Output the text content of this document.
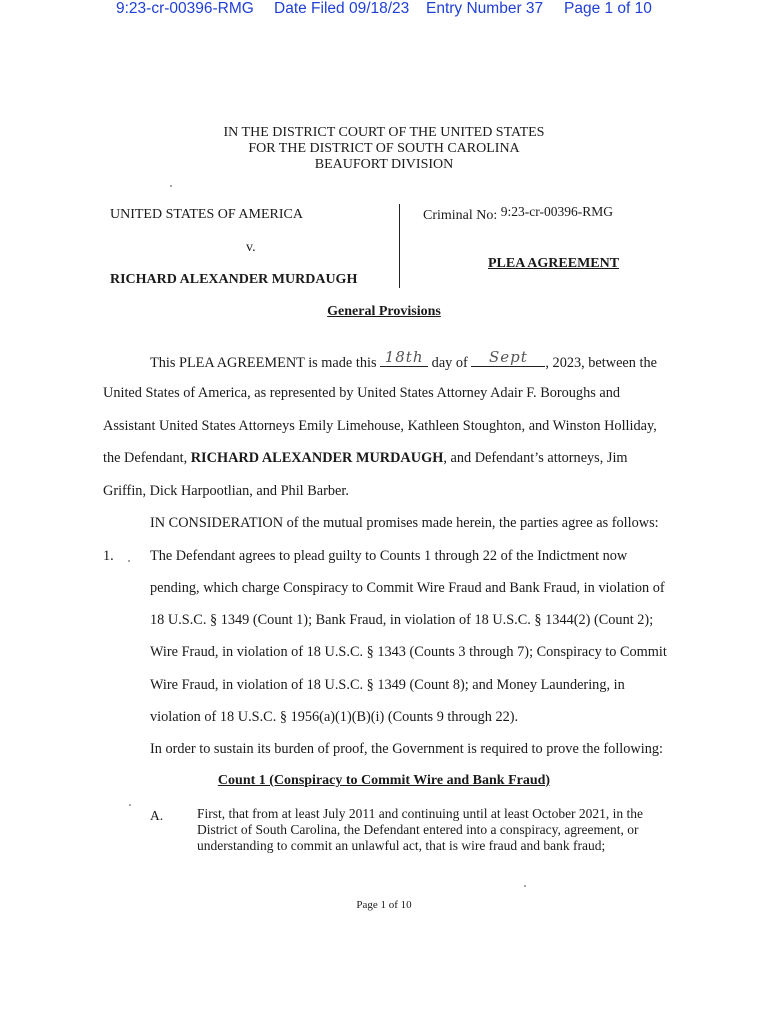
9:23-cr-00396-RMG Date Filed 09/18/23 Entry Number 37 Page 1 of 10
IN THE DISTRICT COURT OF THE UNITED STATES
FOR THE DISTRICT OF SOUTH CAROLINA
BEAUFORT DIVISION
UNITED STATES OF AMERICA
v.
RICHARD ALEXANDER MURDAUGH
Criminal No: 9:23-cr-00396-RMG
PLEA AGREEMENT
General Provisions
This PLEA AGREEMENT is made this 18th day of	Sept	, 2023, between the
United States of America, as represented by United States Attorney Adair F. Boroughs and
Assistant United States Attorneys Emily Limehouse, Kathleen Stoughton, and Winston Holliday,
the Defendant, RICHARD ALEXANDER MURDAUGH, and Defendant’s attorneys, Jim
Griffin, Dick Harpootlian, and Phil Barber.
IN CONSIDERATION of the mutual promises made herein, the parties agree as follows:
1.	The Defendant agrees to plead guilty to Counts 1 through 22 of the Indictment now
pending, which charge Conspiracy to Commit Wire Fraud and Bank Fraud, in violation of
18 U.S.C. § 1349 (Count 1); Bank Fraud, in violation of 18 U.S.C. § 1344(2) (Count 2);
Wire Fraud, in violation of 18 U.S.C. § 1343 (Counts 3 through 7); Conspiracy to Commit
Wire Fraud, in violation of 18 U.S.C. § 1349 (Count 8); and Money Laundering, in
violation of 18 U.S.C. § 1956(a)(1)(B)(i) (Counts 9 through 22).
In order to sustain its burden of proof, the Government is required to prove the following:
Count 1 (Conspiracy to Commit Wire and Bank Fraud)
A.	First, that from at least July 2011 and continuing until at least October 2021, in the
District of South Carolina, the Defendant entered into a conspiracy, agreement, or
understanding to commit an unlawful act, that is wire fraud and bank fraud;
Page 1 of 10
